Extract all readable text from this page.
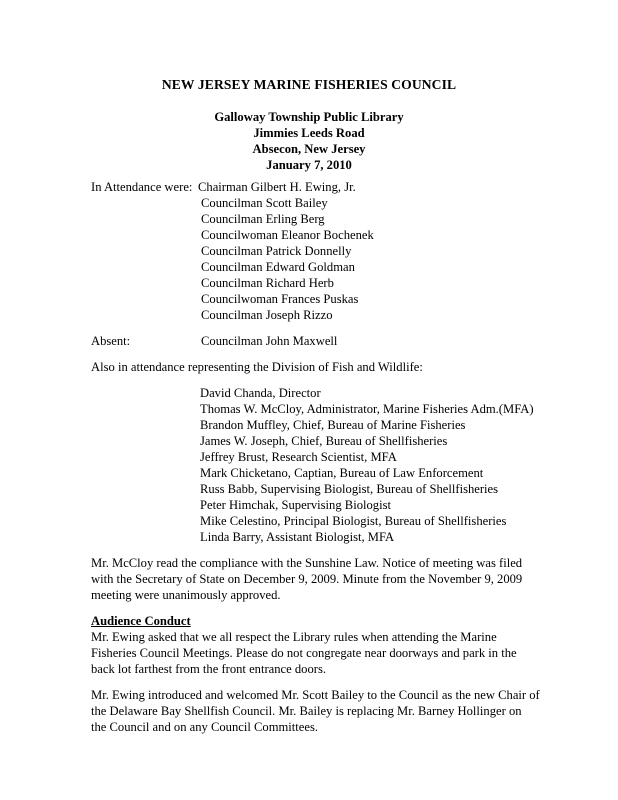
NEW JERSEY MARINE FISHERIES COUNCIL
Galloway Township Public Library
Jimmies Leeds Road
Absecon, New Jersey
January 7, 2010
In Attendance were: Chairman Gilbert H. Ewing, Jr.
Councilman Scott Bailey
Councilman Erling Berg
Councilwoman Eleanor Bochenek
Councilman Patrick Donnelly
Councilman Edward Goldman
Councilman Richard Herb
Councilwoman Frances Puskas
Councilman Joseph Rizzo
Absent:	Councilman John Maxwell
Also in attendance representing the Division of Fish and Wildlife:
David Chanda, Director
Thomas W. McCloy, Administrator, Marine Fisheries Adm.(MFA)
Brandon Muffley, Chief, Bureau of Marine Fisheries
James W. Joseph, Chief, Bureau of Shellfisheries
Jeffrey Brust, Research Scientist, MFA
Mark Chicketano, Captian, Bureau of Law Enforcement
Russ Babb, Supervising Biologist, Bureau of Shellfisheries
Peter Himchak, Supervising Biologist
Mike Celestino, Principal Biologist, Bureau of Shellfisheries
Linda Barry, Assistant Biologist, MFA
Mr. McCloy read the compliance with the Sunshine Law. Notice of meeting was filed
with the Secretary of State on December 9, 2009. Minute from the November 9, 2009
meeting were unanimously approved.
Audience Conduct
Mr. Ewing asked that we all respect the Library rules when attending the Marine
Fisheries Council Meetings. Please do not congregate near doorways and park in the
back lot farthest from the front entrance doors.
Mr. Ewing introduced and welcomed Mr. Scott Bailey to the Council as the new Chair of
the Delaware Bay Shellfish Council. Mr. Bailey is replacing Mr. Barney Hollinger on
the Council and on any Council Committees.
